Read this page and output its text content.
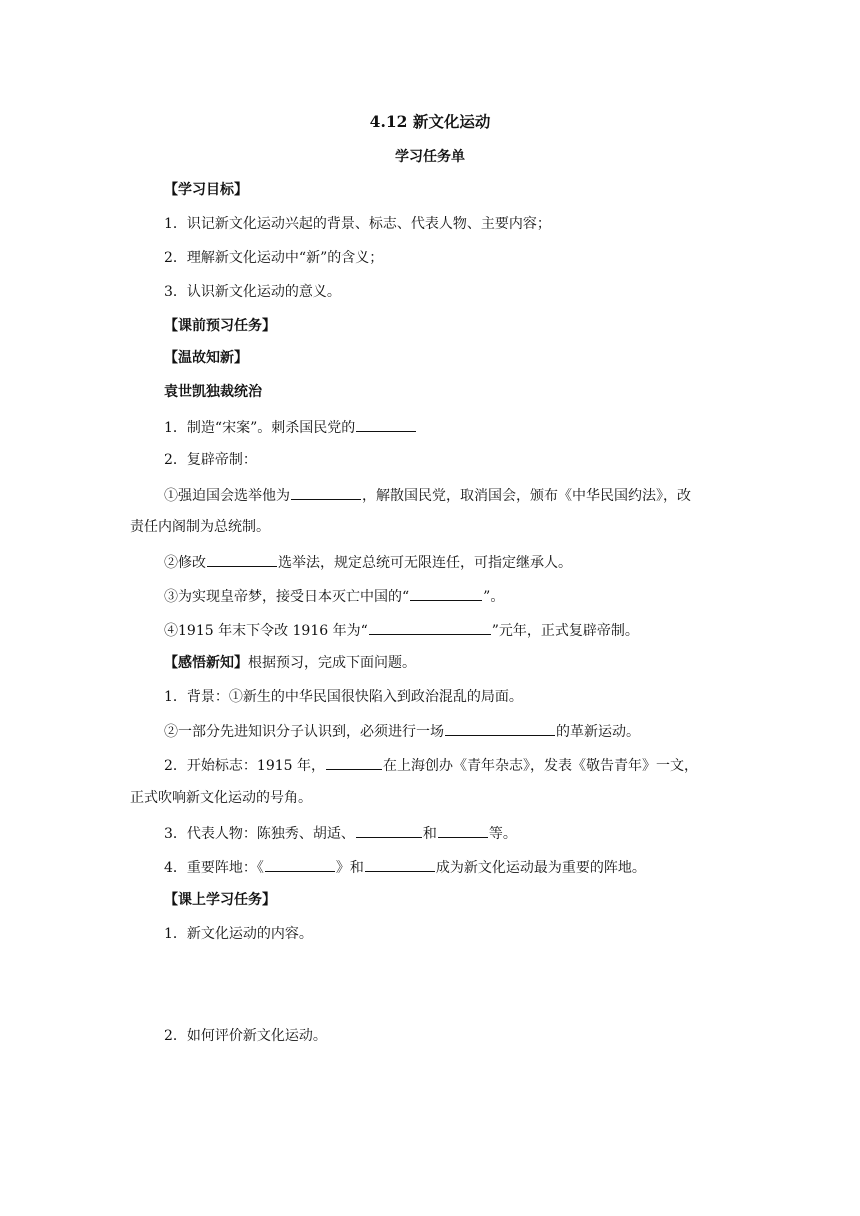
4.12 新文化运动
学习任务单
【学习目标】
1．识记新文化运动兴起的背景、标志、代表人物、主要内容；
2．理解新文化运动中“新”的含义；
3．认识新文化运动的意义。
【课前预习任务】
【温故知新】
袁世凯独裁统治
1．制造“宋案”。刺杀国民党的
2．复辟帝制：
①强迫国会选举他为	，解散国民党，取消国会，颁布《中华民国约法》，改
责任内阁制为总统制。
②修改	选举法，规定总统可无限连任，可指定继承人。
③为实现皇帝梦，接受日本灭亡中国的“	”。
④1915 年末下令改 1916 年为“	”元年，正式复辟帝制。
【感悟新知】根据预习，完成下面问题。
1．背景：①新生的中华民国很快陷入到政治混乱的局面。
②一部分先进知识分子认识到，必须进行一场	的革新运动。
2．开始标志：1915 年，	在上海创办《青年杂志》，发表《敬告青年》一文，
正式吹响新文化运动的号角。
3．代表人物：陈独秀、胡适、	和	等。
4．重要阵地：《	》和	成为新文化运动最为重要的阵地。
【课上学习任务】
1．新文化运动的内容。
2．如何评价新文化运动。
